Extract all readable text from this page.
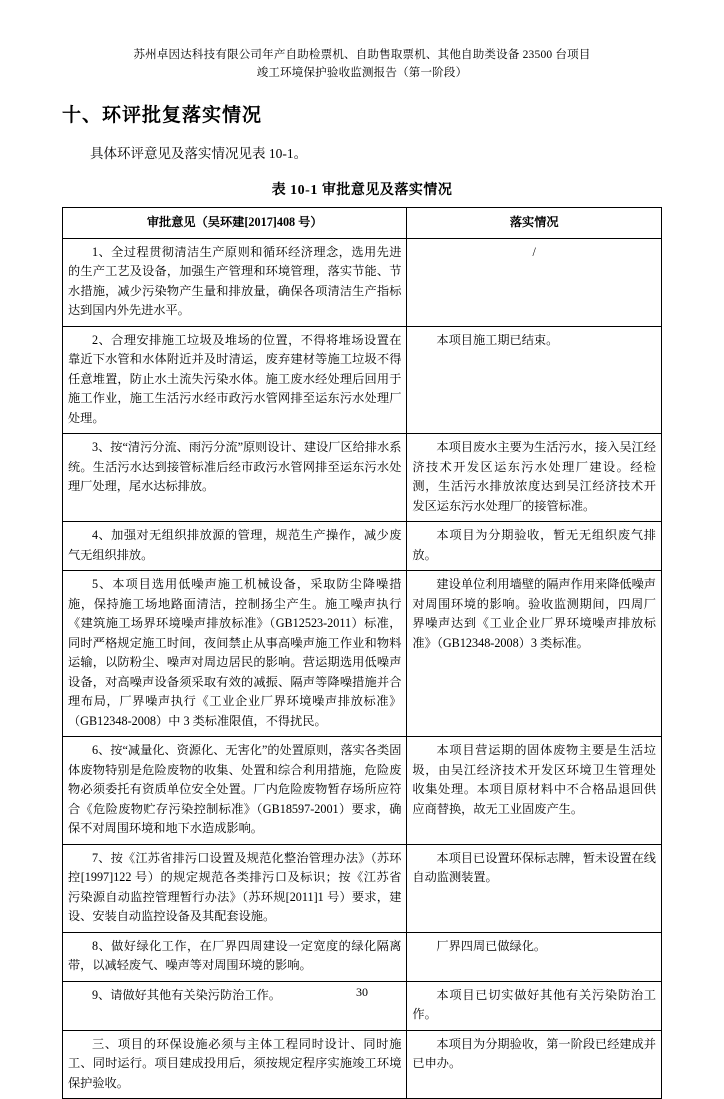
苏州卓因达科技有限公司年产自助检票机、自助售取票机、其他自助类设备 23500 台项目
竣工环境保护验收监测报告（第一阶段）
十、环评批复落实情况

具体环评意见及落实情况见表 10-1。

表 10-1 审批意见及落实情况
审批意见（吴环建[2017]408 号）	落实情况
1、全过程贯彻清洁生产原则和循环经济理念，选用先进的生产工艺及设备，加强生产管理和环境管理，落实节能、节水措施，减少污染物产生量和排放量，确保各项清洁生产指标达到国内外先进水平。	/
2、合理安排施工垃圾及堆场的位置，不得将堆场设置在靠近下水管和水体附近并及时清运，废弃建材等施工垃圾不得任意堆置，防止水土流失污染水体。施工废水经处理后回用于施工作业，施工生活污水经市政污水管网排至运东污水处理厂处理。	本项目施工期已结束。
3、按“清污分流、雨污分流”原则设计、建设厂区给排水系统。生活污水达到接管标准后经市政污水管网排至运东污水处理厂处理，尾水达标排放。	本项目废水主要为生活污水，接入吴江经济技术开发区运东污水处理厂建设。经检测，生活污水排放浓度达到吴江经济技术开发区运东污水处理厂的接管标准。
4、加强对无组织排放源的管理，规范生产操作，减少废气无组织排放。	本项目为分期验收，暂无无组织废气排放。
5、本项目选用低噪声施工机械设备，采取防尘降噪措施，保持施工场地路面清洁，控制扬尘产生。施工噪声执行《建筑施工场界环境噪声排放标准》（GB12523-2011）标准，同时严格规定施工时间，夜间禁止从事高噪声施工作业和物料运输，以防粉尘、噪声对周边居民的影响。营运期选用低噪声设备，对高噪声设备须采取有效的减振、隔声等降噪措施并合理布局，厂界噪声执行《工业企业厂界环境噪声排放标准》（GB12348-2008）中 3 类标准限值，不得扰民。	建设单位利用墙壁的隔声作用来降低噪声对周围环境的影响。验收监测期间，四周厂界噪声达到《工业企业厂界环境噪声排放标准》（GB12348-2008）3 类标准。
6、按“减量化、资源化、无害化”的处置原则，落实各类固体废物特别是危险废物的收集、处置和综合利用措施，危险废物必须委托有资质单位安全处置。厂内危险废物暂存场所应符合《危险废物贮存污染控制标准》（GB18597-2001）要求，确保不对周围环境和地下水造成影响。	本项目营运期的固体废物主要是生活垃圾，由吴江经济技术开发区环境卫生管理处收集处理。本项目原材料中不合格品退回供应商替换，故无工业固废产生。
7、按《江苏省排污口设置及规范化整治管理办法》（苏环控[1997]122 号）的规定规范各类排污口及标识；按《江苏省污染源自动监控管理暂行办法》（苏环规[2011]1 号）要求，建设、安装自动监控设备及其配套设施。	本项目已设置环保标志牌，暂未设置在线自动监测装置。
8、做好绿化工作，在厂界四周建设一定宽度的绿化隔离带，以减轻废气、噪声等对周围环境的影响。	厂界四周已做绿化。
9、请做好其他有关染污防治工作。	本项目已切实做好其他有关污染防治工作。
三、项目的环保设施必须与主体工程同时设计、同时施工、同时运行。项目建成投用后，须按规定程序实施竣工环境保护验收。	本项目为分期验收，第一阶段已经建成并已申办。
30
